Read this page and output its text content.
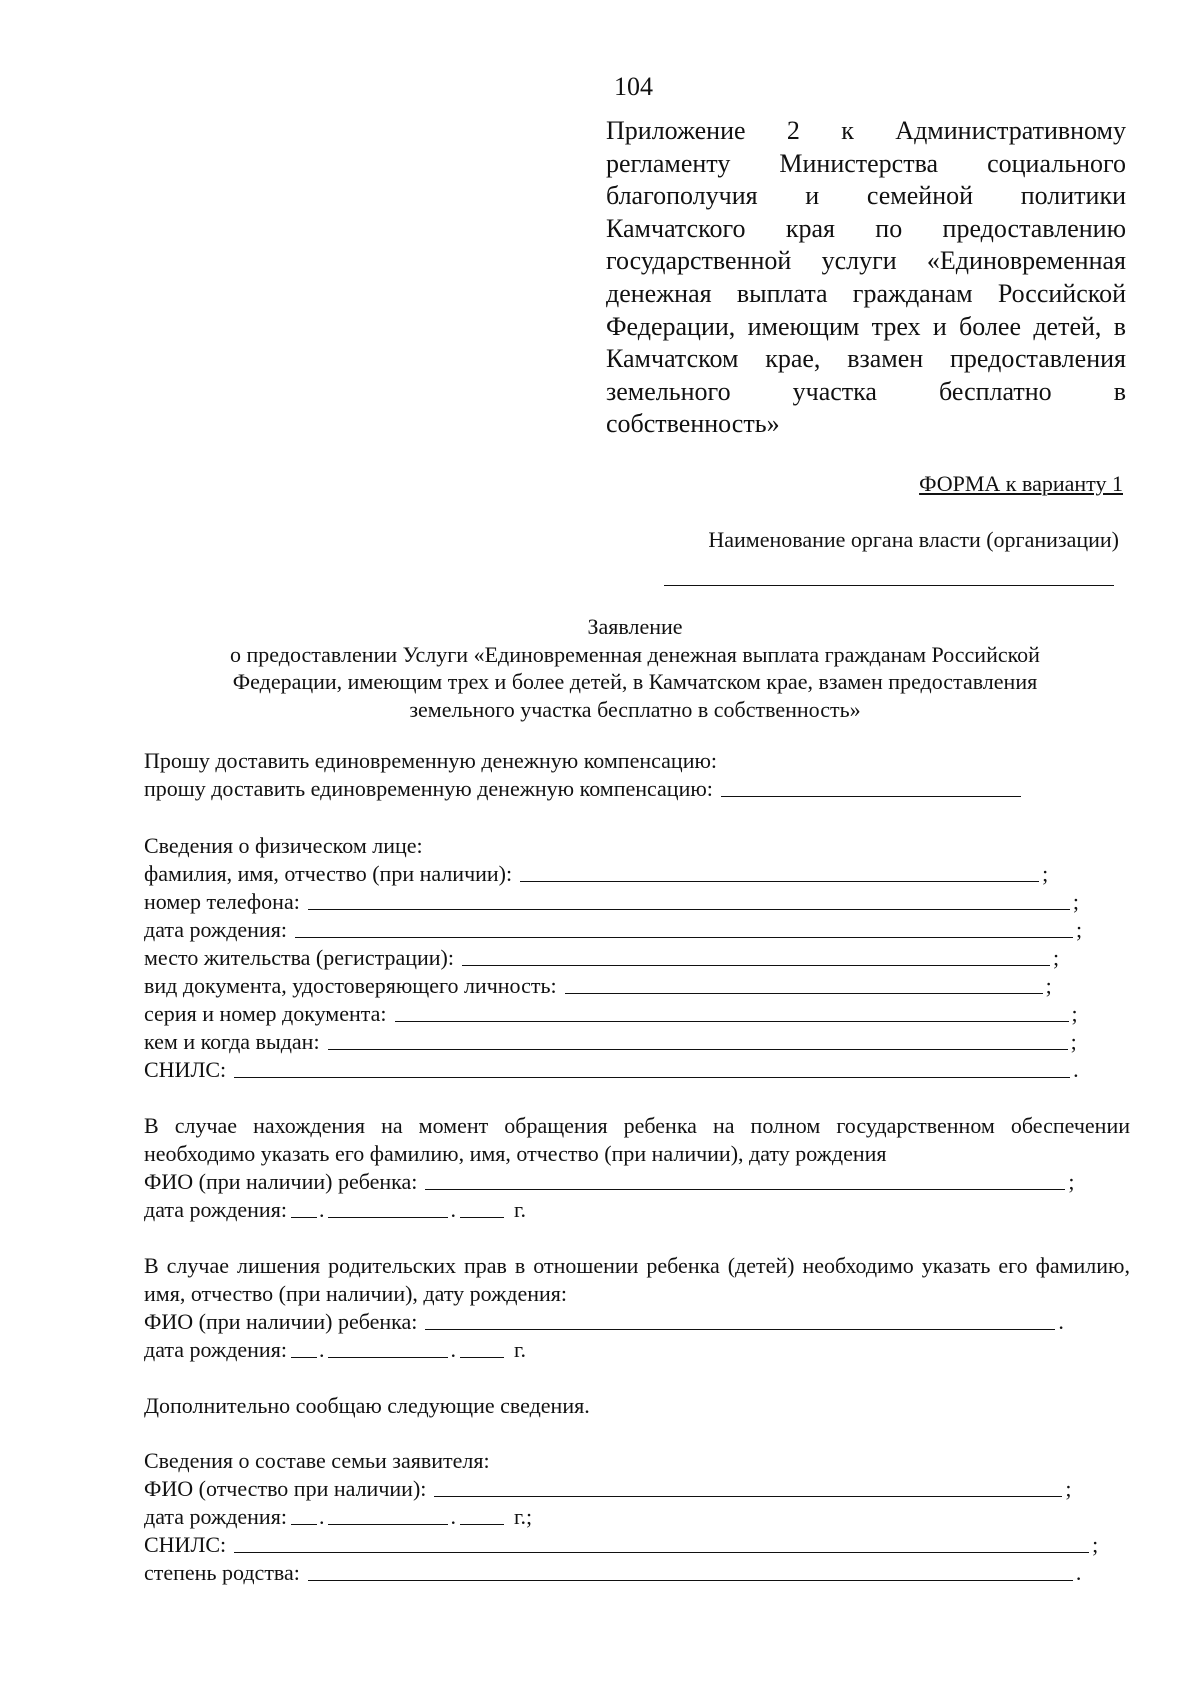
104
Приложение 2 к Административному регламенту Министерства социального благополучия и семейной политики Камчатского края по предоставлению государственной услуги «Единовременная денежная выплата гражданам Российской Федерации, имеющим трех и более детей, в Камчатском крае, взамен предоставления земельного участка бесплатно в собственность»
ФОРМА к варианту 1
Наименование органа власти (организации)
Заявление
о предоставлении Услуги «Единовременная денежная выплата гражданам Российской
Федерации, имеющим трех и более детей, в Камчатском крае, взамен предоставления
земельного участка бесплатно в собственность»
Прошу доставить единовременную денежную компенсацию:
прошу доставить единовременную денежную компенсацию:
Сведения о физическом лице:
фамилия, имя, отчество (при наличии):	;
номер телефона:	;
дата рождения:	;
место жительства (регистрации):	;
вид документа, удостоверяющего личность:	;
серия и номер документа:	;
кем и когда выдан:	;
СНИЛС:	.
В случае нахождения на момент обращения ребенка на полном государственном обеспечении необходимо указать его фамилию, имя, отчество (при наличии), дату рождения
ФИО (при наличии) ребенка:	;
дата рождения: .	.	г.
В случае лишения родительских прав в отношении ребенка (детей) необходимо указать его фамилию, имя, отчество (при наличии), дату рождения:
ФИО (при наличии) ребенка:	.
дата рождения: .	.	г.
Дополнительно сообщаю следующие сведения.
Сведения о составе семьи заявителя:
ФИО (отчество при наличии):	;
дата рождения: .	.	г.;
СНИЛС:	;
степень родства:	.
